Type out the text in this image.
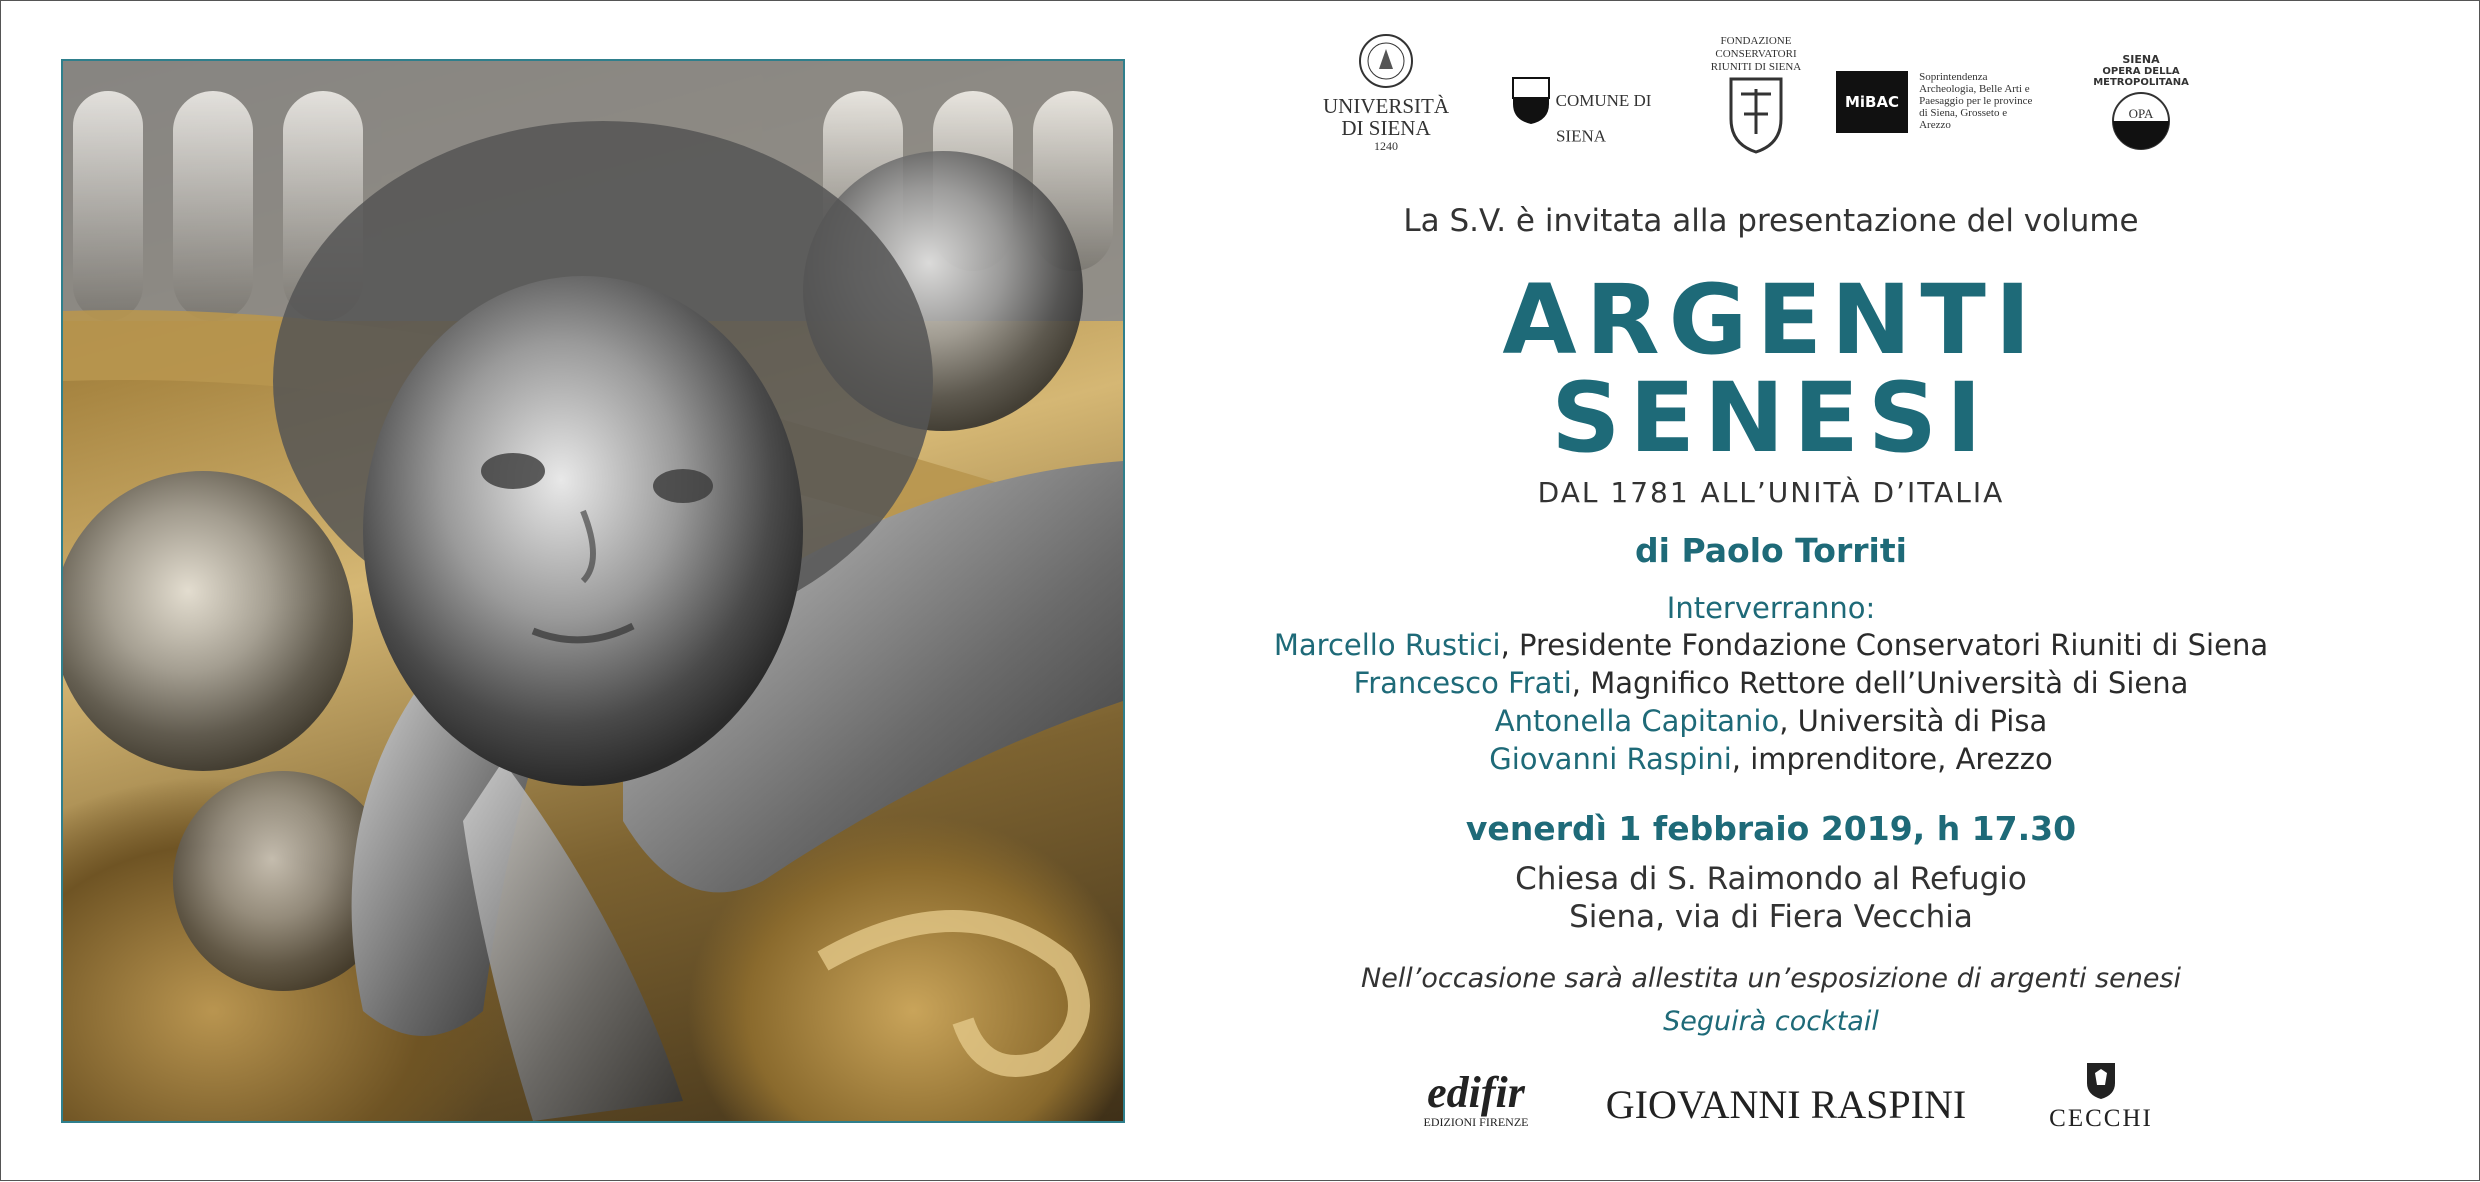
UNIVERSITÀ
DI SIENA
1240
COMUNE DI SIENA
FONDAZIONE
CONSERVATORI
RIUNITI DI SIENA
MiBAC
Soprintendenza
Archeologia, Belle Arti e
Paesaggio per le province
di Siena, Grosseto e
Arezzo
SIENA
OPERA DELLA METROPOLITANA
OPA
La S.V. è invitata alla presentazione del volume
ARGENTI
SENESI
DAL 1781 ALL’UNITÀ D’ITALIA
di Paolo Torriti
Interverranno:
Marcello Rustici, Presidente Fondazione Conservatori Riuniti di Siena
Francesco Frati, Magnifico Rettore dell’Università di Siena
Antonella Capitanio, Università di Pisa
Giovanni Raspini, imprenditore, Arezzo
venerdì 1 febbraio 2019, h 17.30
Chiesa di S. Raimondo al Refugio
Siena, via di Fiera Vecchia
Nell’occasione sarà allestita un’esposizione di argenti senesi
Seguirà cocktail
edifir
EDIZIONI FIRENZE	GIOVANNI RASPINI	CECCHI
